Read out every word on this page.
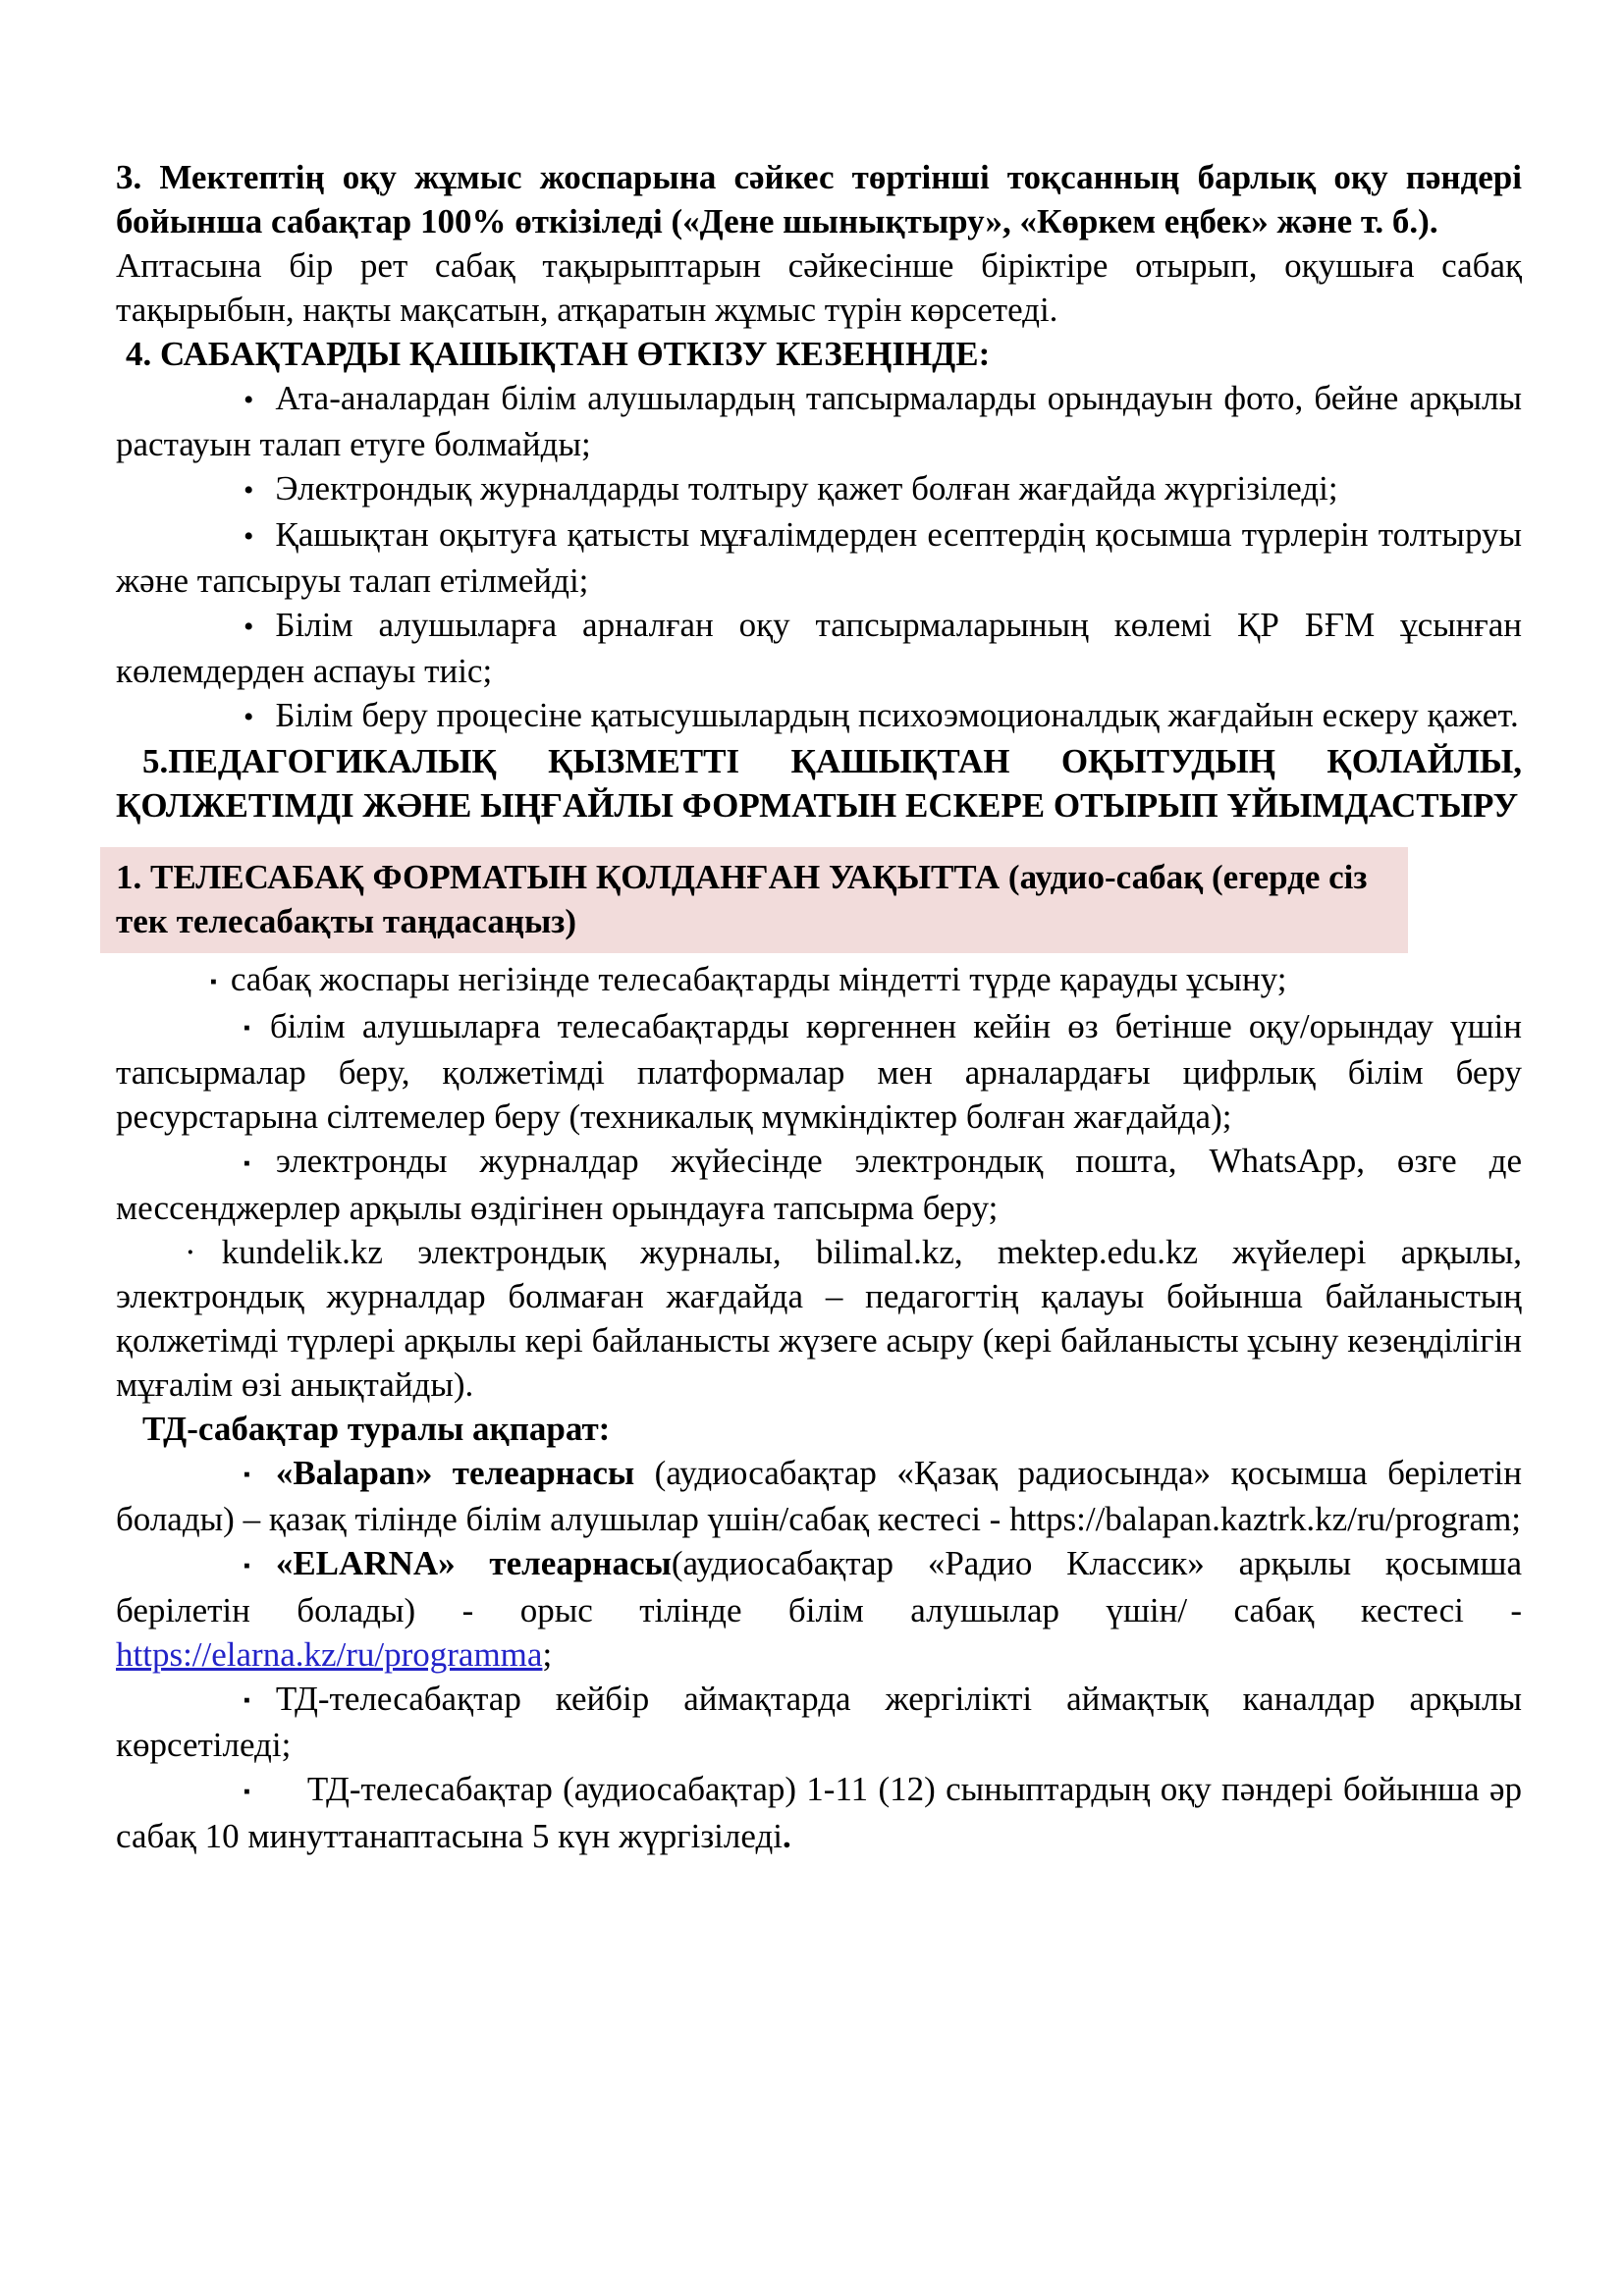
3. Мектептің оқу жұмыс жоспарына сәйкес төртінші тоқсанның барлық оқу пәндері бойынша сабақтар 100% өткізіледі («Дене шынықтыру», «Көркем еңбек» және т. б.).

Аптасына бір рет сабақ тақырыптарын сәйкесінше біріктіре отырып, оқушыға сабақ тақырыбын, нақты мақсатын, атқаратын жұмыс түрін көрсетеді.

4. САБАҚТАРДЫ ҚАШЫҚТАН ӨТКІЗУ КЕЗЕҢІНДЕ:

• Ата-аналардан білім алушылардың тапсырмаларды орындауын фото, бейне арқылы растауын талап етуге болмайды;

• Электрондық журналдарды толтыру қажет болған жағдайда жүргізіледі;

• Қашықтан оқытуға қатысты мұғалімдерден есептердің қосымша түрлерін толтыруы және тапсыруы талап етілмейді;

• Білім алушыларға арналған оқу тапсырмаларының көлемі ҚР БҒМ ұсынған көлемдерден аспауы тиіс;

• Білім беру процесіне қатысушылардың психоэмоционалдық жағдайын ескеру қажет.

5.ПЕДАГОГИКАЛЫҚ ҚЫЗМЕТТІ ҚАШЫҚТАН ОҚЫТУДЫҢ ҚОЛАЙЛЫ, ҚОЛЖЕТІМДІ ЖӘНЕ ЫҢҒАЙЛЫ ФОРМАТЫН ЕСКЕРЕ ОТЫРЫП ҰЙЫМДАСТЫРУ

1. ТЕЛЕСАБАҚ ФОРМАТЫН ҚОЛДАНҒАН УАҚЫТТА (аудио-сабақ (егерде сіз тек телесабақты таңдасаңыз)

▪ сабақ жоспары негізінде телесабақтарды міндетті түрде қарауды ұсыну;

▪ білім алушыларға телесабақтарды көргеннен кейін өз бетінше оқу/орындау үшін тапсырмалар беру, қолжетімді платформалар мен арналардағы цифрлық білім беру ресурстарына сілтемелер беру (техникалық мүмкіндіктер болған жағдайда);

▪ электронды журналдар жүйесінде электрондық пошта, WhatsApp, өзге де мессенджерлер арқылы өздігінен орындауға тапсырма беру;

· kundelik.kz электрондық журналы, bilimal.kz, mektep.edu.kz жүйелері арқылы, электрондық журналдар болмаған жағдайда – педагогтің қалауы бойынша байланыстың қолжетімді түрлері арқылы кері байланысты жүзеге асыру (кері байланысты ұсыну кезеңділігін мұғалім өзі анықтайды).

ТД-сабақтар туралы ақпарат:

▪ «Balapan» телеарнасы (аудиосабақтар «Қазақ радиосында» қосымша берілетін болады) – қазақ тілінде білім алушылар үшін/сабақ кестесі - https://balapan.kaztrk.kz/ru/program;

▪ «ELARNA» телеарнасы(аудиосабақтар «Радио Классик» арқылы қосымша берілетін болады) - орыс тілінде білім алушылар үшін/ сабақ кестесі - https://elarna.kz/ru/programma;

▪ ТД-телесабақтар кейбір аймақтарда жергілікті аймақтық каналдар арқылы көрсетіледі;

▪ ТД-телесабақтар (аудиосабақтар) 1-11 (12) сыныптардың оқу пәндері бойынша әр сабақ 10 минуттанаптасына 5 күн жүргізіледі.
